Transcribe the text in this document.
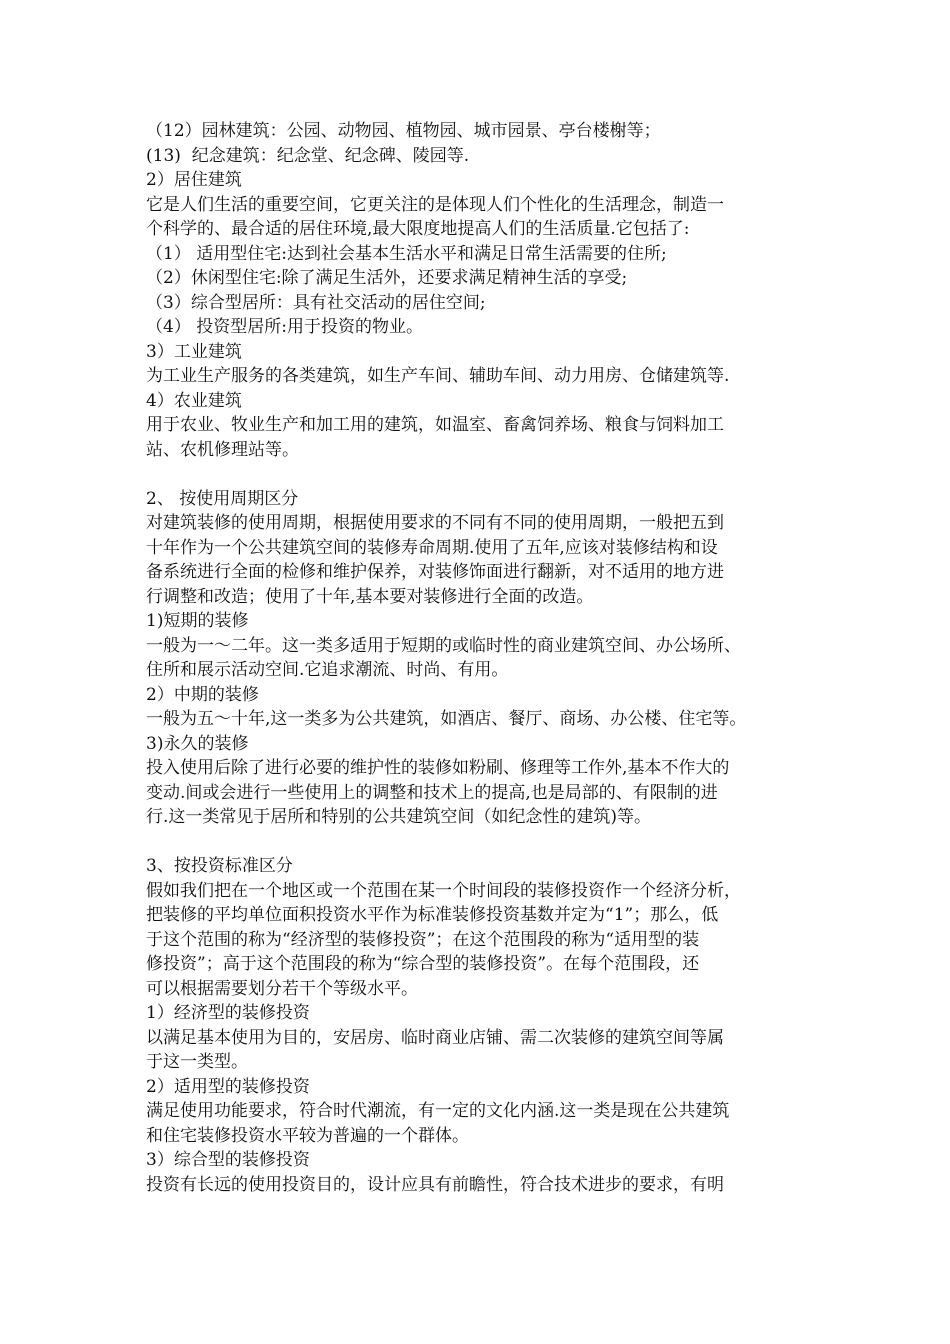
（12）园林建筑：公园、动物园、植物园、城市园景、亭台楼榭等；
(13)  纪念建筑：纪念堂、纪念碑、陵园等.
2）居住建筑
它是人们生活的重要空间，它更关注的是体现人们个性化的生活理念，制造一
个科学的、最合适的居住环境,最大限度地提高人们的生活质量.它包括了:
（1） 适用型住宅:达到社会基本生活水平和满足日常生活需要的住所;
（2）休闲型住宅:除了满足生活外，还要求满足精神生活的享受;
（3）综合型居所：具有社交活动的居住空间;
（4） 投资型居所:用于投资的物业。
3）工业建筑
为工业生产服务的各类建筑，如生产车间、辅助车间、动力用房、仓储建筑等.
4）农业建筑
用于农业、牧业生产和加工用的建筑，如温室、畜禽饲养场、粮食与饲料加工
站、农机修理站等。
2、 按使用周期区分
对建筑装修的使用周期，根据使用要求的不同有不同的使用周期，一般把五到
十年作为一个公共建筑空间的装修寿命周期.使用了五年,应该对装修结构和设
备系统进行全面的检修和维护保养，对装修饰面进行翻新，对不适用的地方进
行调整和改造；使用了十年,基本要对装修进行全面的改造。
1)短期的装修
一般为一～二年。这一类多适用于短期的或临时性的商业建筑空间、办公场所、
住所和展示活动空间.它追求潮流、时尚、有用。
2）中期的装修
一般为五～十年,这一类多为公共建筑，如酒店、餐厅、商场、办公楼、住宅等。
3)永久的装修
投入使用后除了进行必要的维护性的装修如粉刷、修理等工作外,基本不作大的
变动.间或会进行一些使用上的调整和技术上的提高,也是局部的、有限制的进
行.这一类常见于居所和特别的公共建筑空间（如纪念性的建筑)等。
3、按投资标准区分
假如我们把在一个地区或一个范围在某一个时间段的装修投资作一个经济分析，
把装修的平均单位面积投资水平作为标准装修投资基数并定为“1”；那么，低
于这个范围的称为“经济型的装修投资”；在这个范围段的称为“适用型的装
修投资”；高于这个范围段的称为“综合型的装修投资”。在每个范围段，还
可以根据需要划分若干个等级水平。
1）经济型的装修投资
以满足基本使用为目的，安居房、临时商业店铺、需二次装修的建筑空间等属
于这一类型。
2）适用型的装修投资
满足使用功能要求，符合时代潮流，有一定的文化内涵.这一类是现在公共建筑
和住宅装修投资水平较为普遍的一个群体。
3）综合型的装修投资
投资有长远的使用投资目的，设计应具有前瞻性，符合技术进步的要求，有明
